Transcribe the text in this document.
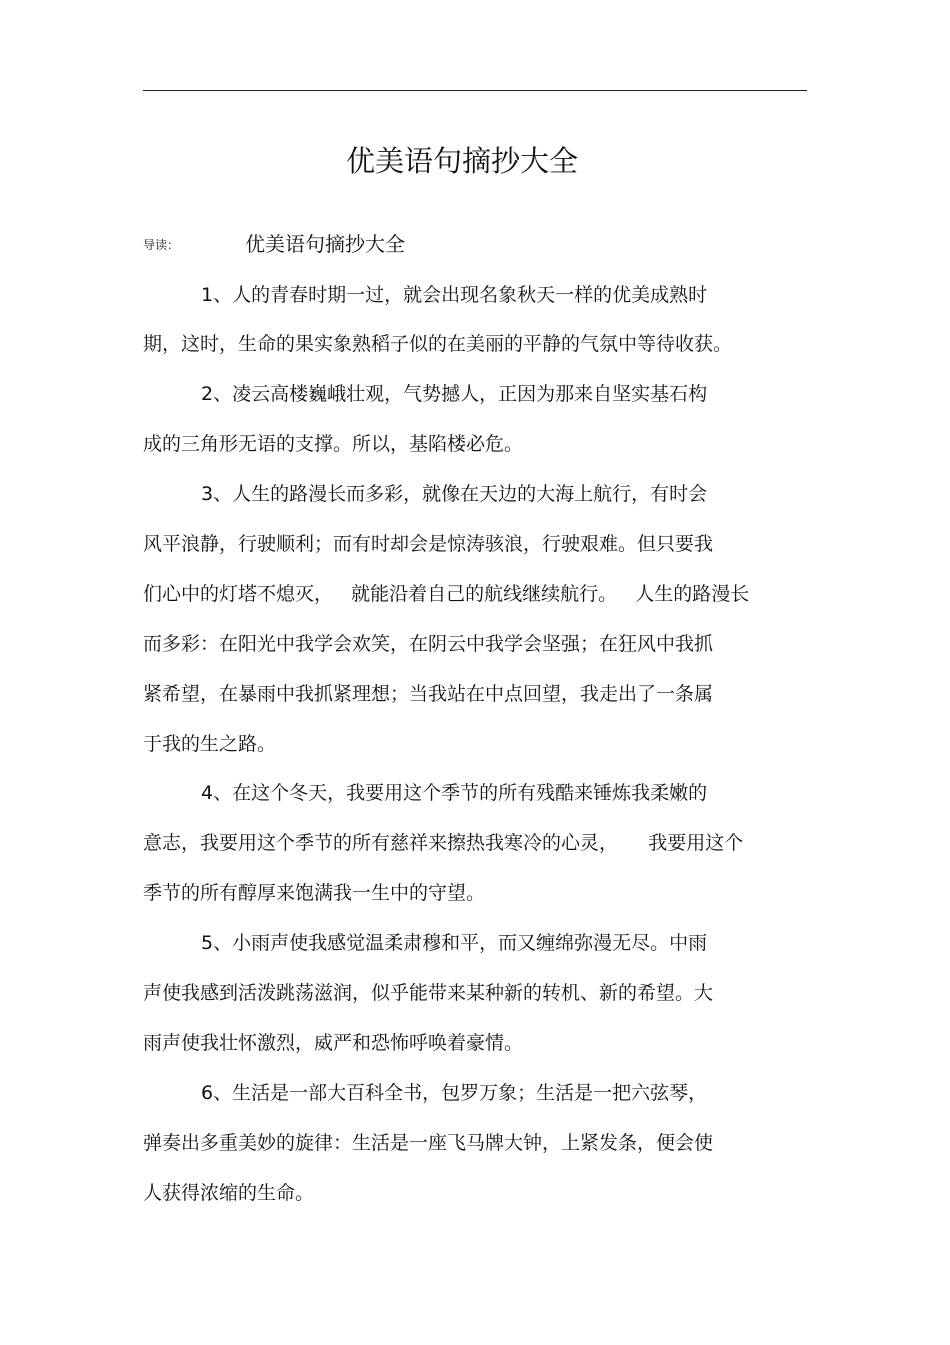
优美语句摘抄大全
导读：	优美语句摘抄大全
1、人的青春时期一过，就会出现名象秋天一样的优美成熟时
期，这时，生命的果实象熟稻子似的在美丽的平静的气氛中等待收获。
2、凌云高楼巍峨壮观，气势撼人，正因为那来自坚实基石构
成的三角形无语的支撑。所以，基陷楼必危。
3、人生的路漫长而多彩，就像在天边的大海上航行，有时会
风平浪静，行驶顺利；而有时却会是惊涛骇浪，行驶艰难。但只要我
们心中的灯塔不熄灭，   就能沿着自己的航线继续航行。   人生的路漫长
而多彩：在阳光中我学会欢笑，在阴云中我学会坚强；在狂风中我抓
紧希望，在暴雨中我抓紧理想；当我站在中点回望，我走出了一条属
于我的生之路。
4、在这个冬天，我要用这个季节的所有残酷来锤炼我柔嫩的
意志，我要用这个季节的所有慈祥来擦热我寒冷的心灵，     我要用这个
季节的所有醇厚来饱满我一生中的守望。
5、小雨声使我感觉温柔肃穆和平，而又缠绵弥漫无尽。中雨
声使我感到活泼跳荡滋润，似乎能带来某种新的转机、新的希望。大
雨声使我壮怀激烈，威严和恐怖呼唤着豪情。
6、生活是一部大百科全书，包罗万象；生活是一把六弦琴，
弹奏出多重美妙的旋律：生活是一座飞马牌大钟，上紧发条，便会使
人获得浓缩的生命。
